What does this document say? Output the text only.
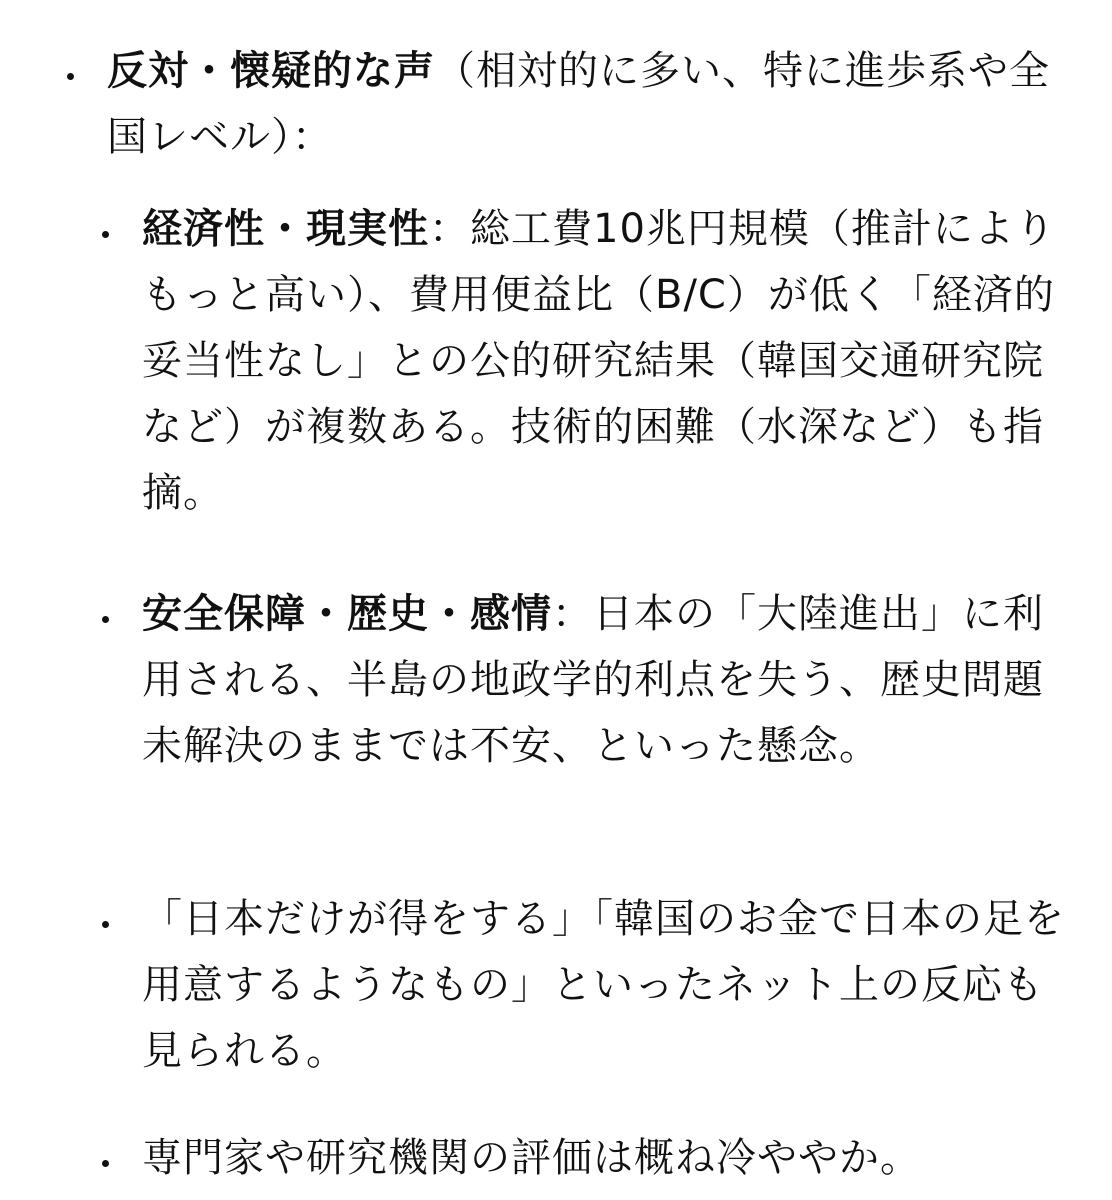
反対・懐疑的な声（相対的に多い、特に進歩系や全国レベル）：
経済性・現実性：総工費10兆円規模（推計によりもっと高い）、費用便益比（B/C）が低く「経済的妥当性なし」との公的研究結果（韓国交通研究院など）が複数ある。技術的困難（水深など）も指摘。
安全保障・歴史・感情：日本の「大陸進出」に利用される、半島の地政学的利点を失う、歴史問題未解決のままでは不安、といった懸念。
「日本だけが得をする」「韓国のお金で日本の足を用意するようなもの」といったネット上の反応も見られる。
専門家や研究機関の評価は概ね冷ややか。
